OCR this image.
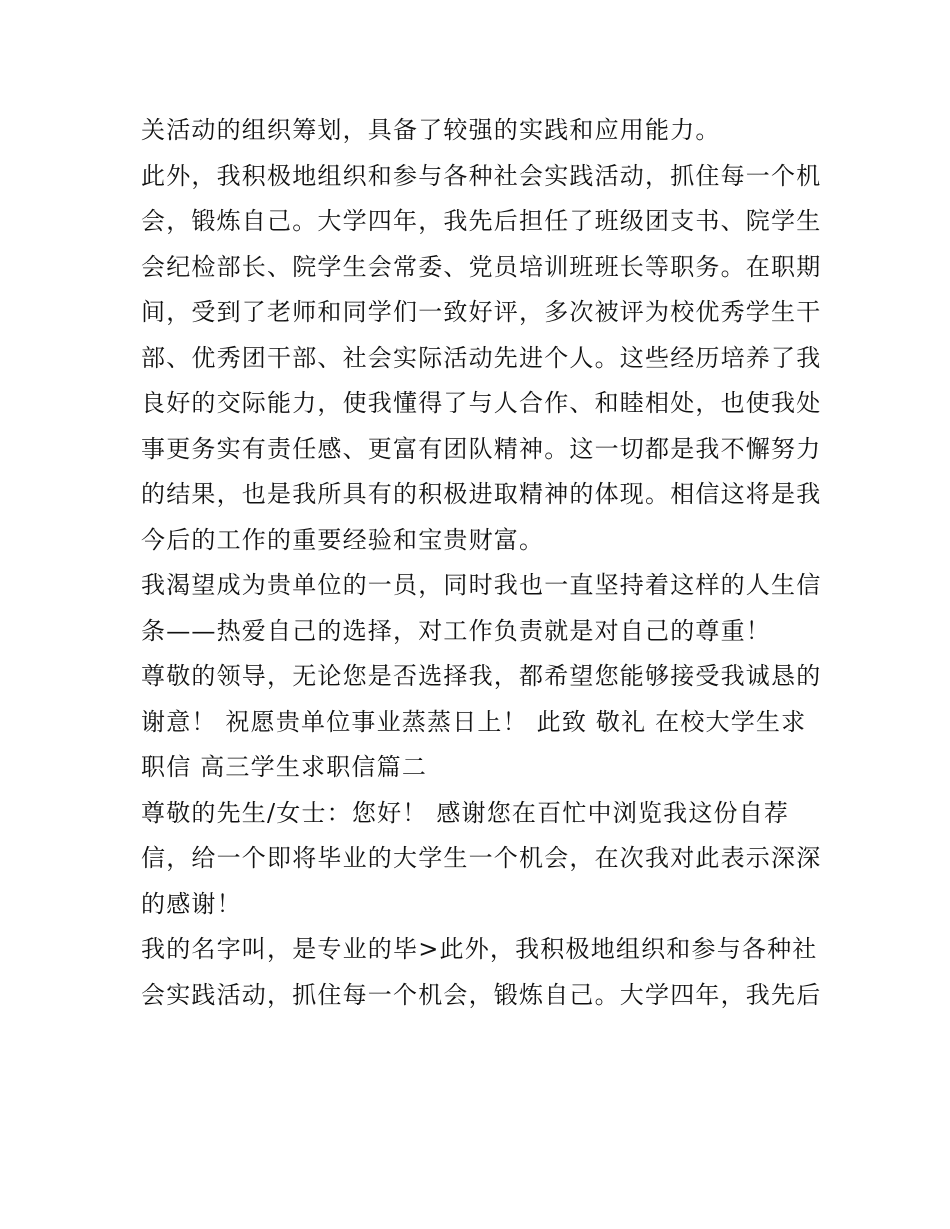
关活动的组织筹划，具备了较强的实践和应用能力。
此外，我积极地组织和参与各种社会实践活动，抓住每一个机
会，锻炼自己。大学四年，我先后担任了班级团支书、院学生
会纪检部长、院学生会常委、党员培训班班长等职务。在职期
间，受到了老师和同学们一致好评，多次被评为校优秀学生干
部、优秀团干部、社会实际活动先进个人。这些经历培养了我
良好的交际能力，使我懂得了与人合作、和睦相处，也使我处
事更务实有责任感、更富有团队精神。这一切都是我不懈努力
的结果，也是我所具有的积极进取精神的体现。相信这将是我
今后的工作的重要经验和宝贵财富。
我渴望成为贵单位的一员，同时我也一直坚持着这样的人生信
条——热爱自己的选择，对工作负责就是对自己的尊重！
尊敬的领导，无论您是否选择我，都希望您能够接受我诚恳的
谢意！ 祝愿贵单位事业蒸蒸日上！ 此致 敬礼 在校大学生求
职信 高三学生求职信篇二
尊敬的先生/女士：您好！ 感谢您在百忙中浏览我这份自荐
信，给一个即将毕业的大学生一个机会，在次我对此表示深深
的感谢！
我的名字叫，是专业的毕>此外，我积极地组织和参与各种社
会实践活动，抓住每一个机会，锻炼自己。大学四年，我先后
